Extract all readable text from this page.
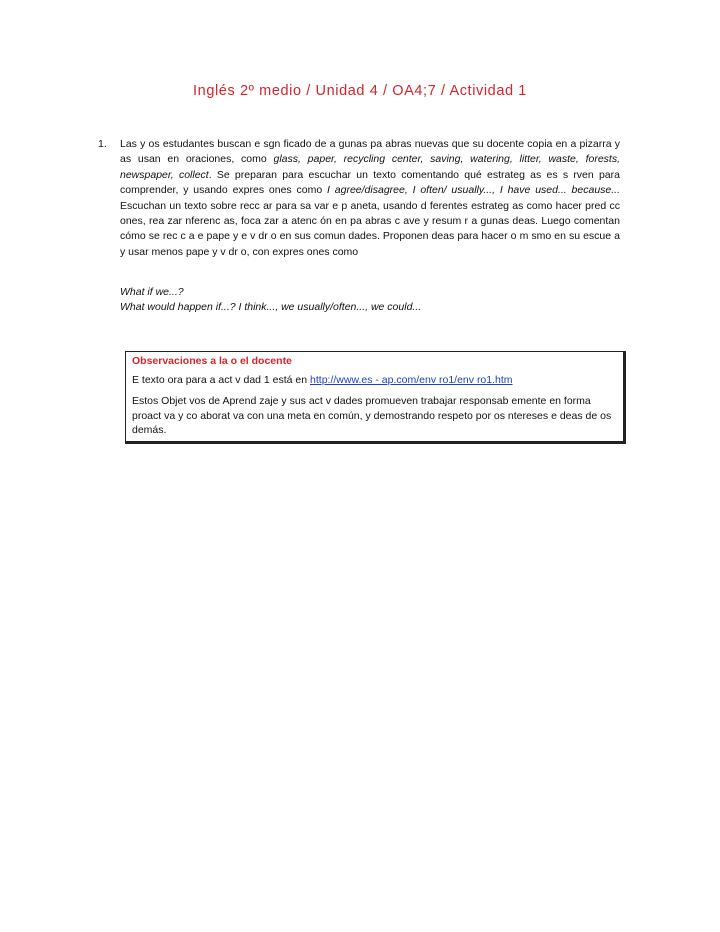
Inglés 2º medio / Unidad 4 / OA4;7 / Actividad 1
1. Las y os estudantes buscan e sgn ficado de a gunas pa abras nuevas que su docente copia en a pizarra y as usan en oraciones, como glass, paper, recycling center, saving, watering, litter, waste, forests, newspaper, collect. Se preparan para escuchar un texto comentando qué estrateg as es s rven para comprender, y usando expres ones como I agree/disagree, I often/ usually..., I have used... because... Escuchan un texto sobre recc ar para sa var e p aneta, usando d ferentes estrateg as como hacer pred cc ones, rea zar nferenc as, foca zar a atenc ón en pa abras c ave y resum r a gunas deas. Luego comentan cómo se rec c a e pape y e v dr o en sus comun dades. Proponen deas para hacer o m smo en su escue a y usar menos pape y v dr o, con expres ones como
What if we...?
What would happen if...? I think..., we usually/often..., we could...
Observaciones a la o el docente
E texto ora para a act v dad 1 está en http://www.es - ap.com/env ro1/env ro1.htm
Estos Objet vos de Aprend zaje y sus act v dades promueven trabajar responsab emente en forma proact va y co aborat va con una meta en común, y demostrando respeto por os ntereses e deas de os demás.
